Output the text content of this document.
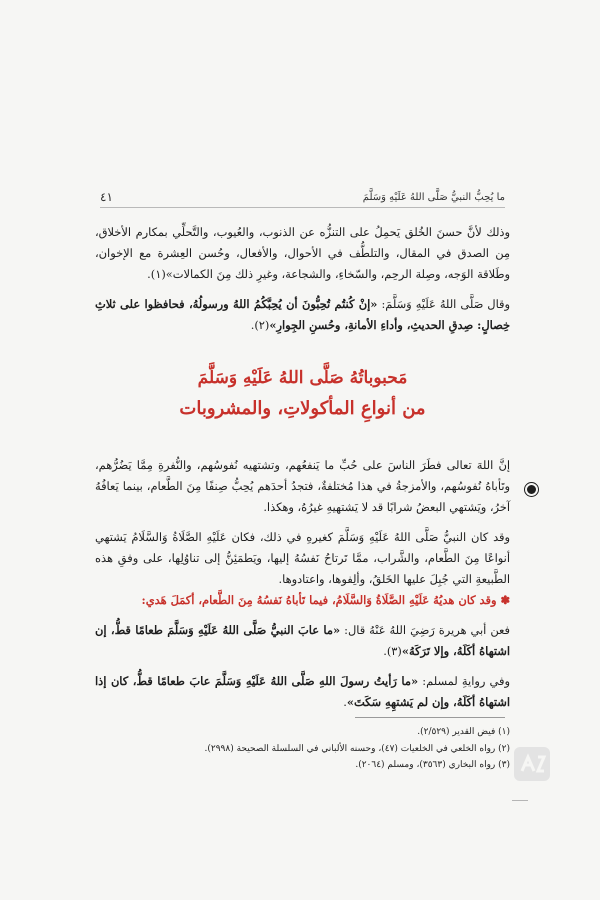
ما يُحِبُّ النبيُّ صَلَّى اللهُ عَلَيْهِ وَسَلَّمَ
٤١

وذلك لأنَّ حسنَ الخُلق يَحمِلُ على التنزُّه عن الذنوب، والعُيوب، والتَّحلِّي بمكارم الأخلاق، مِن الصدق في المقال، والتلطُّف في الأحوال، والأفعال، وحُسن العِشرة مع الإخوان، وطَلاقة الوَجه، وصِلة الرحِم، والسّخاءِ، والشجاعة، وغيرِ ذلك مِنَ الكمالات»(١).

وقال صَلَّى اللهُ عَلَيْهِ وَسَلَّمَ: «إنْ كُنتُم تُحِبُّونَ أن يُحِبَّكُمُ اللهُ ورسولُهُ، فحافظوا على ثلاثِ خِصالٍ: صِدقِ الحديثِ، وأداءِ الأمانةِ، وحُسنِ الجِوارِ»(٢).

مَحبوباتُهُ صَلَّى اللهُ عَلَيْهِ وَسَلَّمَ
من أنواعِ المأكولاتِ، والمشروبات

إنَّ اللهَ تعالى فطَرَ الناسَ على حُبِّ ما يَنفعُهم، وتشتهيه نُفوسُهم، والنُّفرةِ مِمَّا يَضُرُّهم، وتَأباهُ نُفوسُهم، والأمزجةُ في هذا مُختلفةٌ، فتجدُ أحدَهم يُحِبُّ صِنفًا مِنَ الطَّعام، بينما يَعافُهُ آخرُ، ويَشتهي البعضُ شرابًا قد لا يَشتهيهِ غيرُهُ، وهكذا.

وقد كان النبيُّ صَلَّى اللهُ عَلَيْهِ وَسَلَّمَ كغيرهِ في ذلك، فكان عَلَيْهِ الصَّلَاةُ وَالسَّلَامُ يَشتهي أنواعًا مِنَ الطَّعام، والشَّراب، ممَّا تَرتاحُ نَفسُهُ إليها، ويَطمَئِنُّ إلى تناوُلِها، على وفقِ هذه الطَّبيعةِ التي جُبِلَ عليها الخَلقُ، وألِفوها، واعتادوها.

✽ وقد كان هديُهُ عَلَيْهِ الصَّلَاةُ وَالسَّلَامُ، فيما تَأباهُ نَفسُهُ مِنَ الطَّعام، أكمَلَ هَدي:

فعن أبي هريرة رَضِيَ اللهُ عَنْهُ قال: «ما عابَ النبيُّ صَلَّى اللهُ عَلَيْهِ وَسَلَّمَ طعامًا قطُّ، إن اشتهاهُ أكَلَهُ، وإلا تَرَكَهُ»(٣).

وفي روايةِ لمسلم: «ما رَأيتُ رسولَ اللهِ صَلَّى اللهُ عَلَيْهِ وَسَلَّمَ عابَ طعامًا قطُّ، كان إذا اشتهاهُ أكَلَهُ، وإن لم يَشتهِهِ سَكَتَ».

(١) فيض القدير (٢/٥٢٩).
(٢) رواه الخلعي في الخلعيات (٤٧)، وحسنه الألباني في السلسلة الصحيحة (٢٩٩٨).
(٣) رواه البخاري (٣٥٦٣)، ومسلم (٢٠٦٤).
